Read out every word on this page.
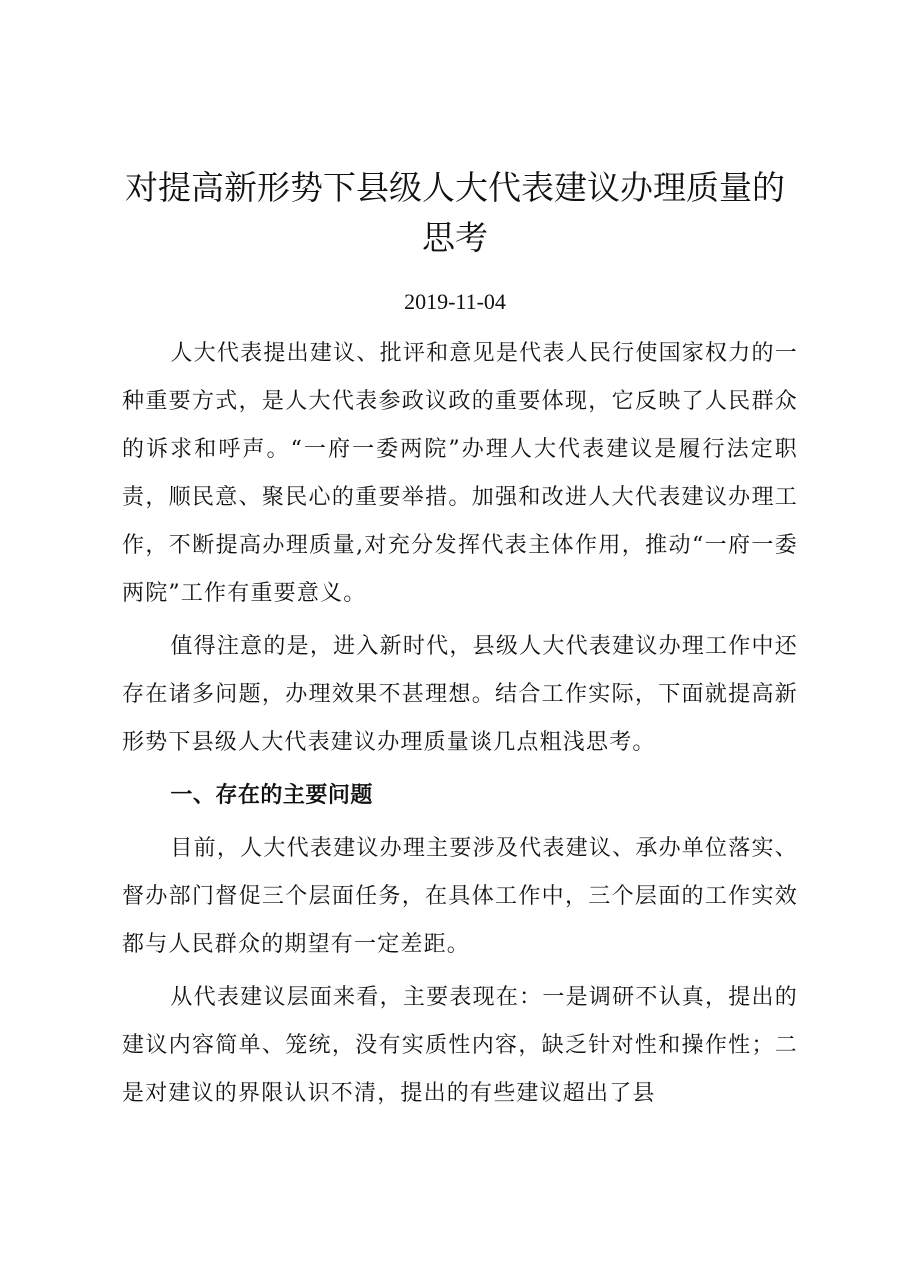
对提高新形势下县级人大代表建议办理质量的思考
2019-11-04

人大代表提出建议、批评和意见是代表人民行使国家权力的一种重要方式，是人大代表参政议政的重要体现，它反映了人民群众的诉求和呼声。“一府一委两院”办理人大代表建议是履行法定职责，顺民意、聚民心的重要举措。加强和改进人大代表建议办理工作，不断提高办理质量,对充分发挥代表主体作用，推动“一府一委两院”工作有重要意义。

值得注意的是，进入新时代，县级人大代表建议办理工作中还存在诸多问题，办理效果不甚理想。结合工作实际，下面就提高新形势下县级人大代表建议办理质量谈几点粗浅思考。

一、存在的主要问题

目前，人大代表建议办理主要涉及代表建议、承办单位落实、督办部门督促三个层面任务，在具体工作中，三个层面的工作实效都与人民群众的期望有一定差距。

从代表建议层面来看，主要表现在：一是调研不认真，提出的建议内容简单、笼统，没有实质性内容，缺乏针对性和操作性；二是对建议的界限认识不清，提出的有些建议超出了县
